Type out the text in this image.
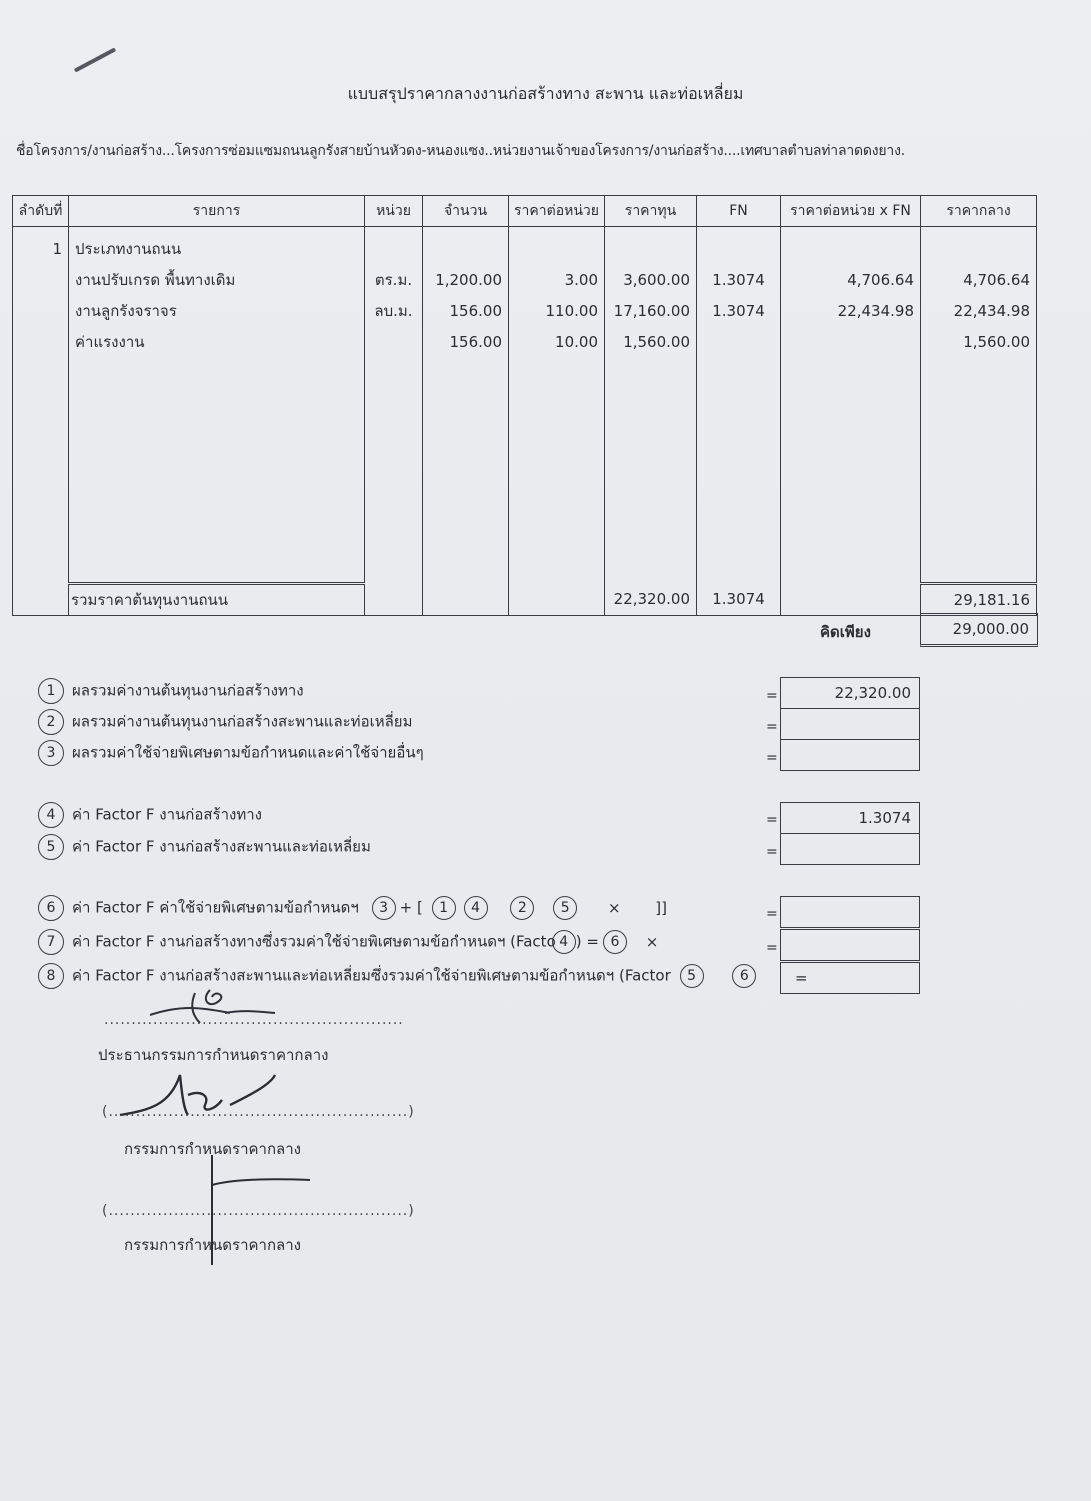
แบบสรุปราคากลางงานก่อสร้างทาง สะพาน และท่อเหลี่ยม
ชื่อโครงการ/งานก่อสร้าง...โครงการซ่อมแซมถนนลูกรังสายบ้านหัวดง-หนองแซง..หน่วยงานเจ้าของโครงการ/งานก่อสร้าง....เทศบาลตำบลท่าลาดดงยาง.
ลำดับที่	รายการ	หน่วย	จำนวน	ราคาต่อหน่วย	ราคาทุน	FN	ราคาต่อหน่วย x FN	ราคากลาง
1	ประเภทงานถนน							
	งานปรับเกรด พื้นทางเดิม	ตร.ม.	1,200.00	3.00	3,600.00	1.3074	4,706.64	4,706.64
	งานลูกรังจราจร	ลบ.ม.	156.00	110.00	17,160.00	1.3074	22,434.98	22,434.98
	ค่าแรงงาน		156.00	10.00	1,560.00			1,560.00

	รวมราคาต้นทุนงานถนน				22,320.00	1.3074		29,181.16
คิดเพียง	29,000.00
1 ผลรวมค่างานต้นทุนงานก่อสร้างทาง	=	22,320.00
2 ผลรวมค่างานต้นทุนงานก่อสร้างสะพานและท่อเหลี่ยม	=
3 ผลรวมค่าใช้จ่ายพิเศษตามข้อกำหนดและค่าใช้จ่ายอื่นๆ	=
4 ค่า Factor F งานก่อสร้างทาง	=	1.3074
5 ค่า Factor F งานก่อสร้างสะพานและท่อเหลี่ยม	=
6 ค่า Factor F ค่าใช้จ่ายพิเศษตามข้อกำหนดฯ 3 + [ 1 4	2 5	× ]]	=
7 ค่า Factor F งานก่อสร้างทางซึ่งรวมค่าใช้จ่ายพิเศษตามข้อกำหนดฯ (Facto 4 ) = 6 ×	=
8 ค่า Factor F งานก่อสร้างสะพานและท่อเหลี่ยมซึ่งรวมค่าใช้จ่ายพิเศษตามข้อกำหนดฯ (Factor 5	6	=
.......................................................
ประธานกรรมการกำหนดราคากลาง
(.......................................................)
กรรมการกำหนดราคากลาง
(.......................................................)
กรรมการกำหนดราคากลาง
